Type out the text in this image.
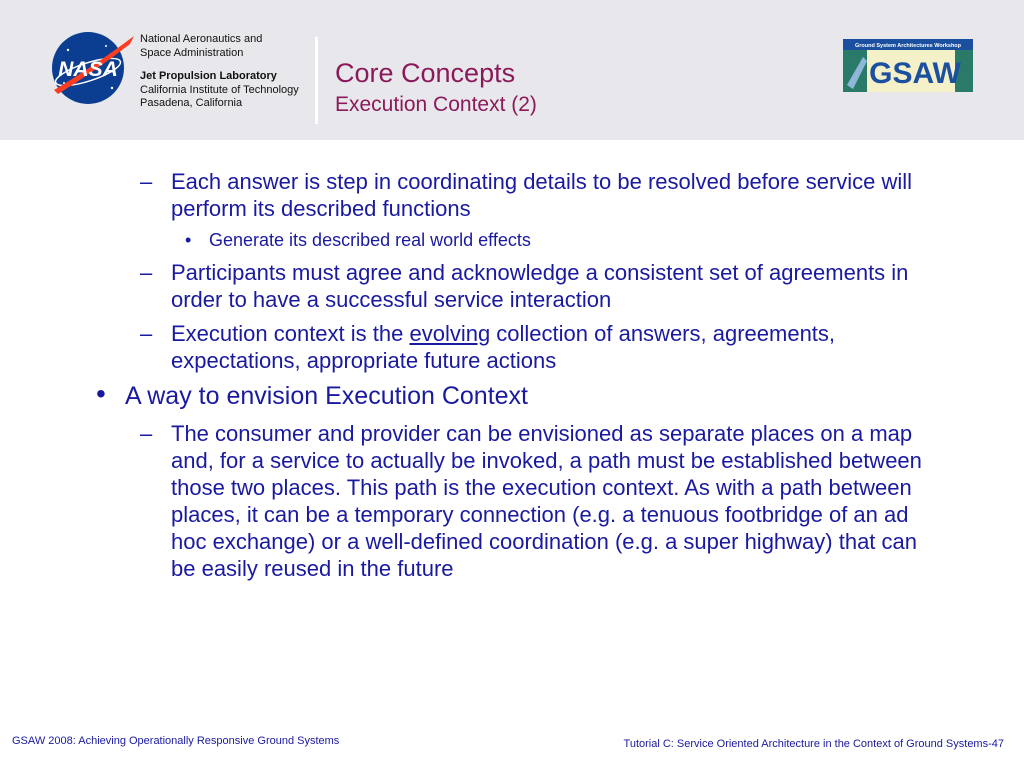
NASA
National Aeronautics and
Space Administration
Jet Propulsion Laboratory
California Institute of Technology
Pasadena, California
Core Concepts
Execution Context (2)
Ground System Architectures Workshop
GSAW
– Each answer is step in coordinating details to be resolved before service will perform its described functions
• Generate its described real world effects
– Participants must agree and acknowledge a consistent set of agreements in order to have a successful service interaction
– Execution context is the evolving collection of answers, agreements, expectations, appropriate future actions
• A way to envision Execution Context
– The consumer and provider can be envisioned as separate places on a map and, for a service to actually be invoked, a path must be established between those two places. This path is the execution context. As with a path between places, it can be a temporary connection (e.g. a tenuous footbridge of an ad hoc exchange) or a well-defined coordination (e.g. a super highway) that can be easily reused in the future
GSAW 2008: Achieving Operationally Responsive Ground Systems	Tutorial C: Service Oriented Architecture in the Context of Ground Systems-47
